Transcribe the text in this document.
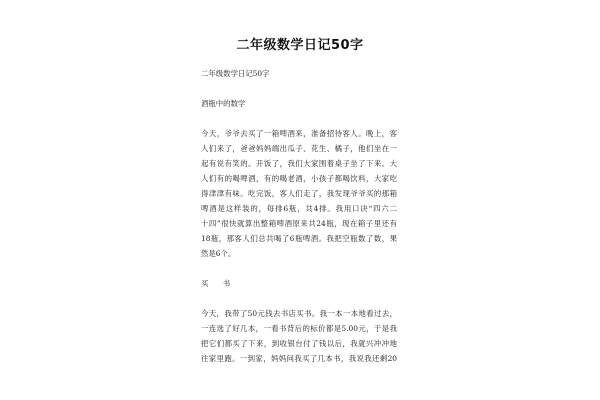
二年级数学日记50字
二年级数学日记50字
酒瓶中的数学
今天，爷爷去买了一箱啤酒来，准备招待客人。晚上，客
人们来了，爸爸妈妈端出瓜子、花生、橘子，他们坐在一
起有说有笑的。开饭了，我们大家围着桌子坐了下来。大
人们有的喝啤酒，有的喝老酒，小孩子都喝饮料，大家吃
得津津有味。吃完饭，客人们走了，我发现爷爷买的那箱
啤酒是这样装的，每排6瓶，共4排。我用口诀“四六二
十四”很快就算出整箱啤酒原来共24瓶，现在箱子里还有
18瓶，那客人们总共喝了6瓶啤酒。我把空瓶数了数，果
然是6个。
买 书
今天，我带了50元钱去书店买书。我一本一本地看过去，
一连选了好几本，一看书背后的标价都是5.00元，于是我
把它们都买了下来，到收银台付了钱以后，我就兴冲冲地
往家里跑。一到家，妈妈问我买了几本书，我说我还剩20
